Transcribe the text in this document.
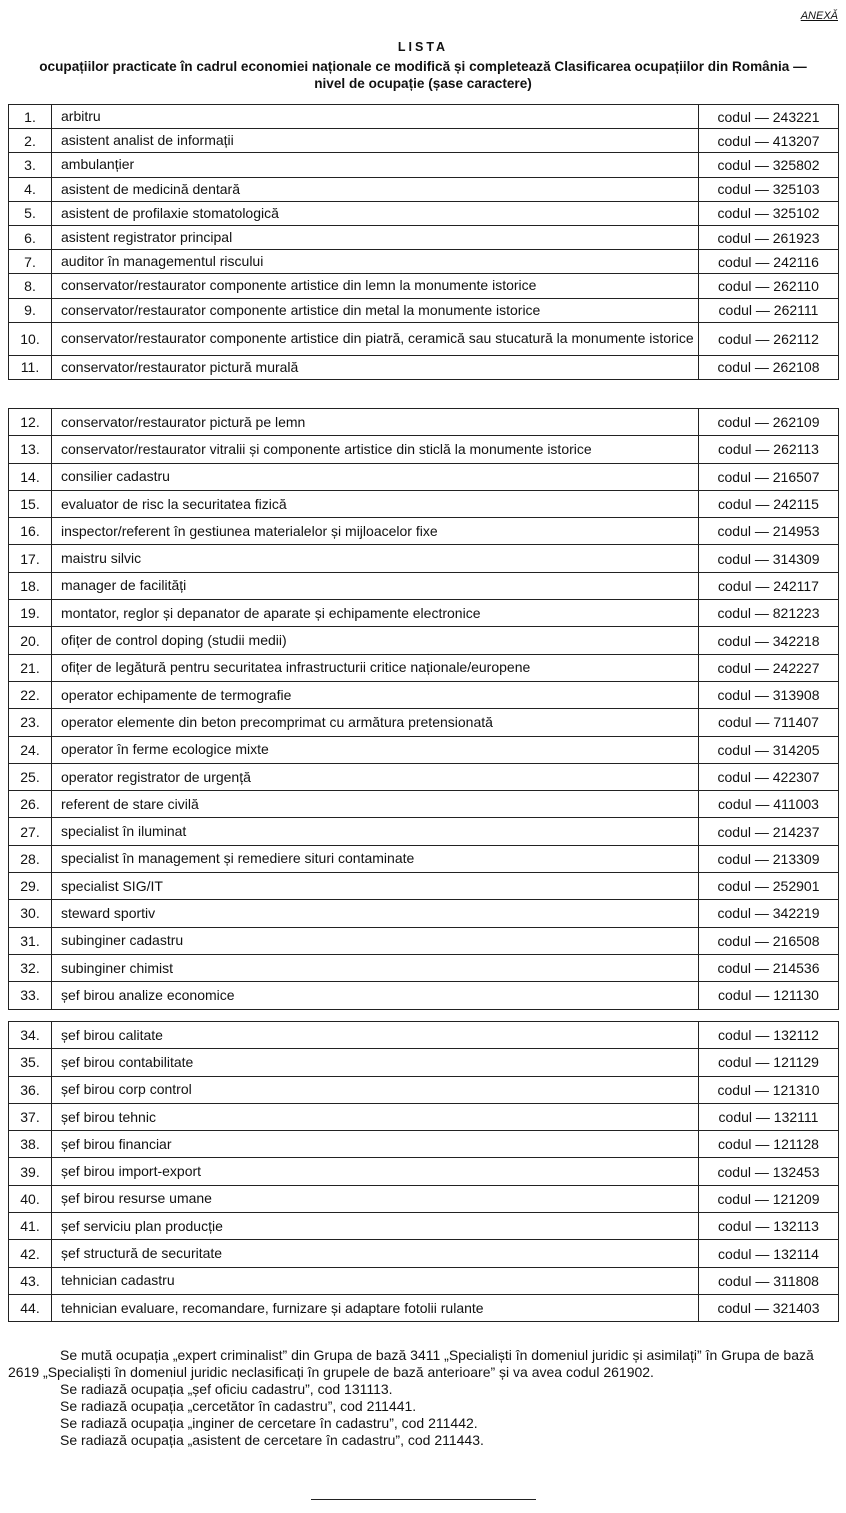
ANEXĂ
LISTA
ocupațiilor practicate în cadrul economiei naționale ce modifică și completează Clasificarea ocupațiilor din România —
nivel de ocupație (șase caractere)
1.	arbitru	codul — 243221
2.	asistent analist de informații	codul — 413207
3.	ambulanțier	codul — 325802
4.	asistent de medicină dentară	codul — 325103
5.	asistent de profilaxie stomatologică	codul — 325102
6.	asistent registrator principal	codul — 261923
7.	auditor în managementul riscului	codul — 242116
8.	conservator/restaurator componente artistice din lemn la monumente istorice	codul — 262110
9.	conservator/restaurator componente artistice din metal la monumente istorice	codul — 262111
10.	conservator/restaurator componente artistice din piatră, ceramică sau stucatură la monumente istorice	codul — 262112
11.	conservator/restaurator pictură murală	codul — 262108
12.	conservator/restaurator pictură pe lemn	codul — 262109
13.	conservator/restaurator vitralii și componente artistice din sticlă la monumente istorice	codul — 262113
14.	consilier cadastru	codul — 216507
15.	evaluator de risc la securitatea fizică	codul — 242115
16.	inspector/referent în gestiunea materialelor și mijloacelor fixe	codul — 214953
17.	maistru silvic	codul — 314309
18.	manager de facilități	codul — 242117
19.	montator, reglor și depanator de aparate și echipamente electronice	codul — 821223
20.	ofițer de control doping (studii medii)	codul — 342218
21.	ofițer de legătură pentru securitatea infrastructurii critice naționale/europene	codul — 242227
22.	operator echipamente de termografie	codul — 313908
23.	operator elemente din beton precomprimat cu armătura pretensionată	codul — 711407
24.	operator în ferme ecologice mixte	codul — 314205
25.	operator registrator de urgență	codul — 422307
26.	referent de stare civilă	codul — 411003
27.	specialist în iluminat	codul — 214237
28.	specialist în management și remediere situri contaminate	codul — 213309
29.	specialist SIG/IT	codul — 252901
30.	steward sportiv	codul — 342219
31.	subinginer cadastru	codul — 216508
32.	subinginer chimist	codul — 214536
33.	șef birou analize economice	codul — 121130
34.	șef birou calitate	codul — 132112
35.	șef birou contabilitate	codul — 121129
36.	șef birou corp control	codul — 121310
37.	șef birou tehnic	codul — 132111
38.	șef birou financiar	codul — 121128
39.	șef birou import-export	codul — 132453
40.	șef birou resurse umane	codul — 121209
41.	șef serviciu plan producție	codul — 132113
42.	șef structură de securitate	codul — 132114
43.	tehnician cadastru	codul — 311808
44.	tehnician evaluare, recomandare, furnizare și adaptare fotolii rulante	codul — 321403

Se mută ocupația „expert criminalist” din Grupa de bază 3411 „Specialiști în domeniul juridic și asimilați” în Grupa de bază 2619 „Specialiști în domeniul juridic neclasificați în grupele de bază anterioare” și va avea codul 261902.

Se radiază ocupația „șef oficiu cadastru”, cod 131113.

Se radiază ocupația „cercetător în cadastru”, cod 211441.

Se radiază ocupația „inginer de cercetare în cadastru”, cod 211442.

Se radiază ocupația „asistent de cercetare în cadastru”, cod 211443.
